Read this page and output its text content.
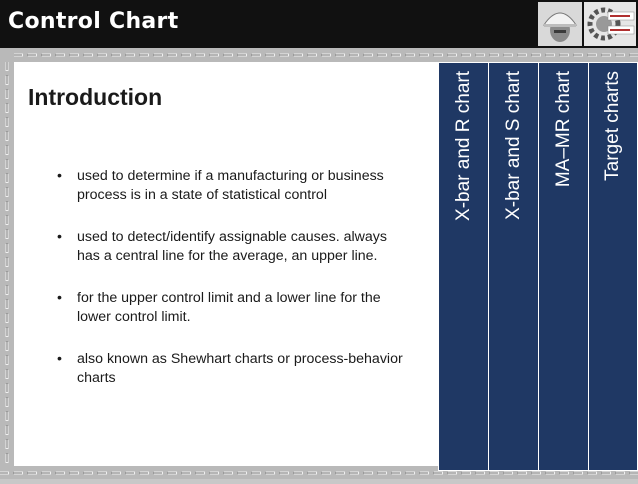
Control Chart
Introduction
• used to determine if a manufacturing or business process is in a state of statistical control
• used to detect/identify assignable causes. always has a central line for the average, an upper line.
• for the upper control limit and a lower line for the lower control limit.
• also known as Shewhart charts or process-behavior charts
X-bar and R chart X-bar and S chart MA–MR chart Target charts
